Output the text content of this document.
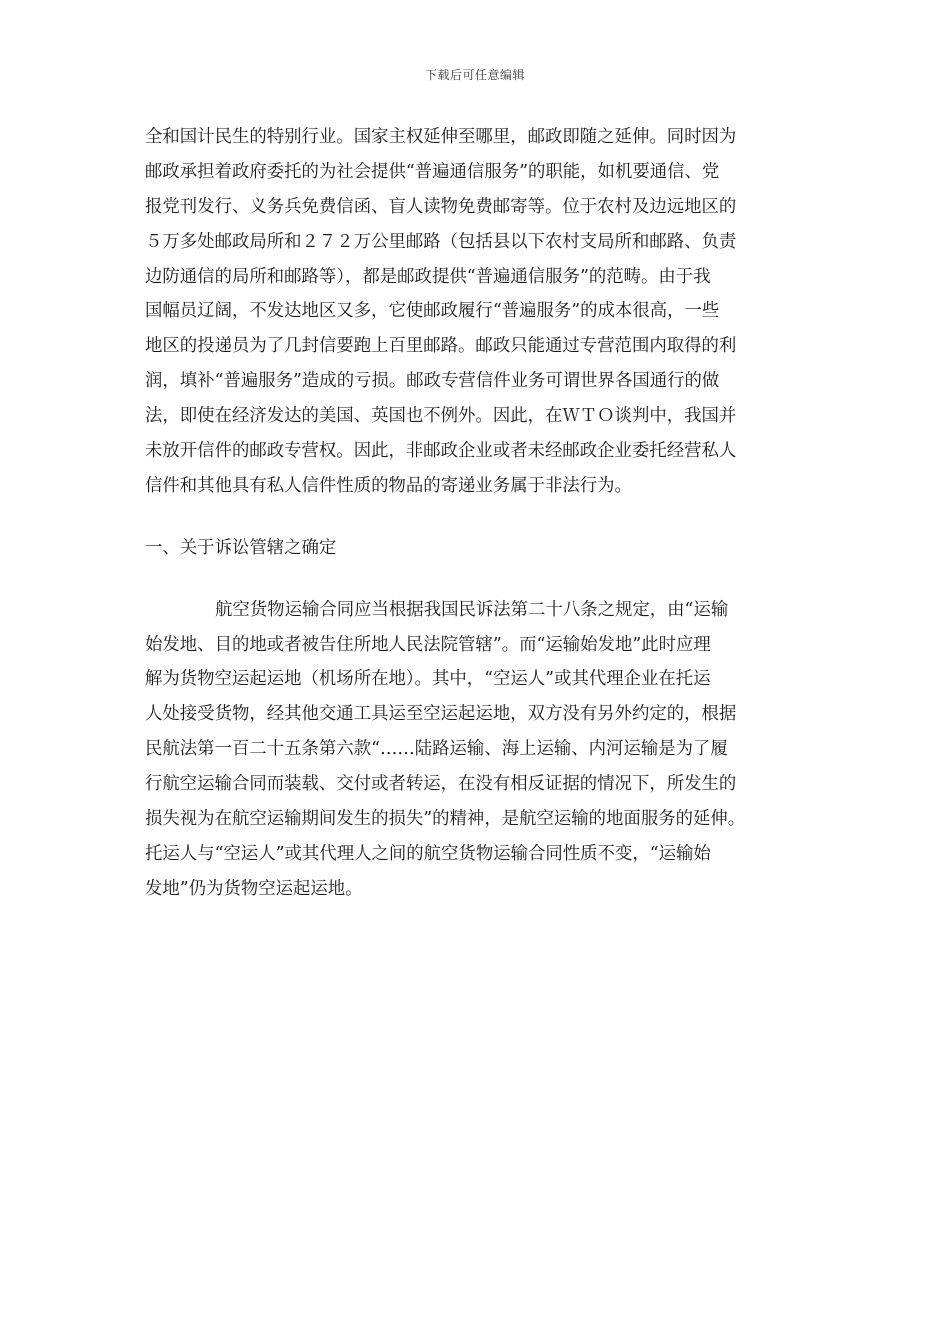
下载后可任意编辑
全和国计民生的特别行业。国家主权延伸至哪里，邮政即随之延伸。同时因为
邮政承担着政府委托的为社会提供“普遍通信服务”的职能，如机要通信、党
报党刊发行、义务兵免费信函、盲人读物免费邮寄等。位于农村及边远地区的
５万多处邮政局所和２７２万公里邮路（包括县以下农村支局所和邮路、负责
边防通信的局所和邮路等），都是邮政提供“普遍通信服务”的范畴。由于我
国幅员辽阔，不发达地区又多，它使邮政履行“普遍服务”的成本很高，一些
地区的投递员为了几封信要跑上百里邮路。邮政只能通过专营范围内取得的利
润，填补“普遍服务”造成的亏损。邮政专营信件业务可谓世界各国通行的做
法，即使在经济发达的美国、英国也不例外。因此，在ＷＴＯ谈判中，我国并
未放开信件的邮政专营权。因此，非邮政企业或者未经邮政企业委托经营私人
信件和其他具有私人信件性质的物品的寄递业务属于非法行为。
一、关于诉讼管辖之确定
航空货物运输合同应当根据我国民诉法第二十八条之规定，由“运输
始发地、目的地或者被告住所地人民法院管辖”。而“运输始发地”此时应理
解为货物空运起运地（机场所在地）。其中，“空运人”或其代理企业在托运
人处接受货物，经其他交通工具运至空运起运地，双方没有另外约定的，根据
民航法第一百二十五条第六款“……陆路运输、海上运输、内河运输是为了履
行航空运输合同而装载、交付或者转运，在没有相反证据的情况下，所发生的
损失视为在航空运输期间发生的损失”的精神，是航空运输的地面服务的延伸。
托运人与“空运人”或其代理人之间的航空货物运输合同性质不变，“运输始
发地”仍为货物空运起运地。
